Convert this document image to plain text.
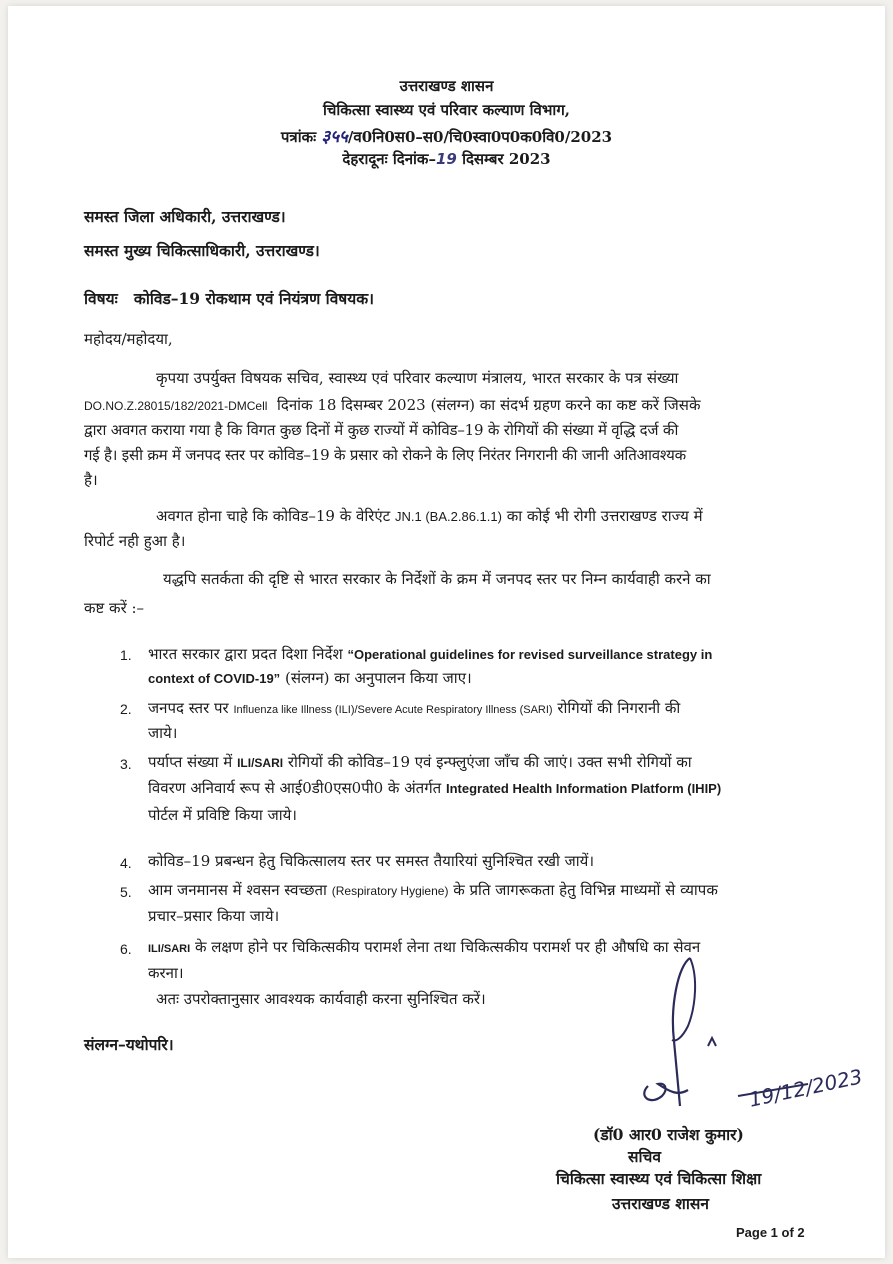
उत्तराखण्ड शासन
चिकित्सा स्वास्थ्य एवं परिवार कल्याण विभाग,
पत्रांकः ३५५/व0नि0स0–स0/चि0स्वा0प0क0वि0/2023
देहरादूनः दिनांक–19 दिसम्बर 2023
समस्त जिला अधिकारी, उत्तराखण्ड।
समस्त मुख्य चिकित्साधिकारी, उत्तराखण्ड।
विषयः कोविड–19 रोकथाम एवं नियंत्रण विषयक।
महोदय/महोदया,
कृपया उपर्युक्त विषयक सचिव, स्वास्थ्य एवं परिवार कल्याण मंत्रालय, भारत सरकार के पत्र संख्या
DO.NO.Z.28015/182/2021-DMCell दिनांक 18 दिसम्बर 2023 (संलग्न) का संदर्भ ग्रहण करने का कष्ट करें जिसके
द्वारा अवगत कराया गया है कि विगत कुछ दिनों में कुछ राज्यों में कोविड–19 के रोगियों की संख्या में वृद्धि दर्ज की
गई है। इसी क्रम में जनपद स्तर पर कोविड–19 के प्रसार को रोकने के लिए निरंतर निगरानी की जानी अतिआवश्यक
है।
अवगत होना चाहे कि कोविड–19 के वेरिएंट JN.1 (BA.2.86.1.1) का कोई भी रोगी उत्तराखण्ड राज्य में
रिपोर्ट नही हुआ है।
यद्धपि सतर्कता की दृष्टि से भारत सरकार के निर्देशों के क्रम में जनपद स्तर पर निम्न कार्यवाही करने का
कष्ट करें :–
1. भारत सरकार द्वारा प्रदत दिशा निर्देश “Operational guidelines for revised surveillance strategy in
context of COVID-19” (संलग्न) का अनुपालन किया जाए।
2. जनपद स्तर पर Influenza like Illness (ILI)/Severe Acute Respiratory Illness (SARI) रोगियों की निगरानी की
जाये।
3. पर्याप्त संख्या में ILI/SARI रोगियों की कोविड–19 एवं इन्फ्लुएंजा जाँच की जाएं। उक्त सभी रोगियों का
विवरण अनिवार्य रूप से आई0डी0एस0पी0 के अंतर्गत Integrated Health Information Platform (IHIP)
पोर्टल में प्रविष्टि किया जाये।
4. कोविड–19 प्रबन्धन हेतु चिकित्सालय स्तर पर समस्त तैयारियां सुनिश्चित रखी जायें।
5. आम जनमानस में श्वसन स्वच्छता (Respiratory Hygiene) के प्रति जागरूकता हेतु विभिन्न माध्यमों से व्यापक
प्रचार–प्रसार किया जाये।
6. ILI/SARI के लक्षण होने पर चिकित्सकीय परामर्श लेना तथा चिकित्सकीय परामर्श पर ही औषधि का सेवन
करना।
अतः उपरोक्तानुसार आवश्यक कार्यवाही करना सुनिश्चित करें।
संलग्न–यथोपरि।
19/12/2023
(डॉ0 आर0 राजेश कुमार)
सचिव
चिकित्सा स्वास्थ्य एवं चिकित्सा शिक्षा
उत्तराखण्ड शासन
Page 1 of 2
